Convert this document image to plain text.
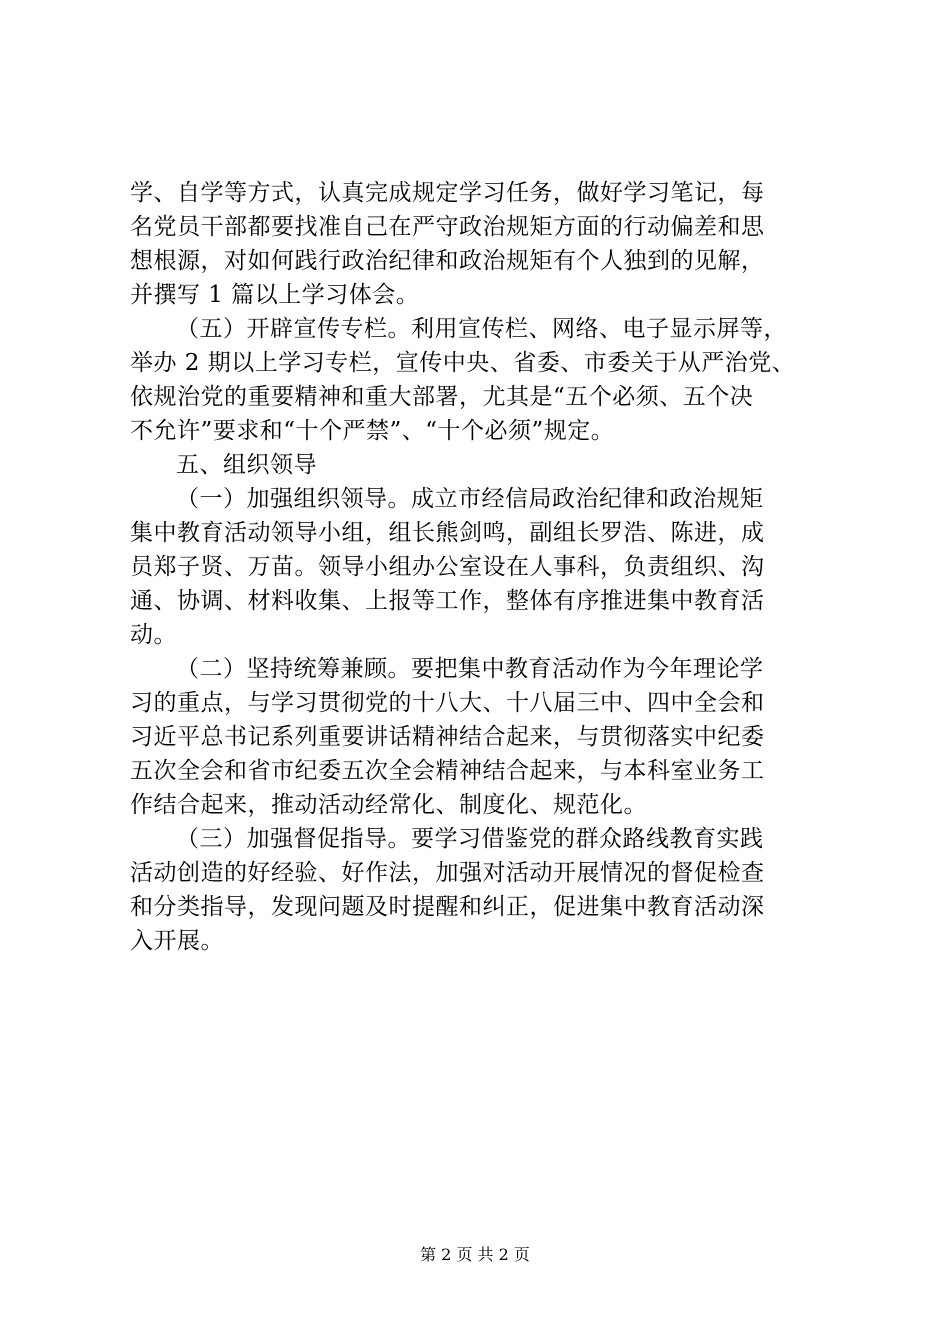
学、自学等方式，认真完成规定学习任务，做好学习笔记，每
名党员干部都要找准自己在严守政治规矩方面的行动偏差和思
想根源，对如何践行政治纪律和政治规矩有个人独到的见解，
并撰写 1 篇以上学习体会。
（五）开辟宣传专栏。利用宣传栏、网络、电子显示屏等，
举办 2 期以上学习专栏，宣传中央、省委、市委关于从严治党、
依规治党的重要精神和重大部署，尤其是“五个必须、五个决
不允许”要求和“十个严禁”、“十个必须”规定。
五、组织领导
（一）加强组织领导。成立市经信局政治纪律和政治规矩
集中教育活动领导小组，组长熊剑鸣，副组长罗浩、陈进，成
员郑子贤、万苗。领导小组办公室设在人事科，负责组织、沟
通、协调、材料收集、上报等工作，整体有序推进集中教育活
动。
（二）坚持统筹兼顾。要把集中教育活动作为今年理论学
习的重点，与学习贯彻党的十八大、十八届三中、四中全会和
习近平总书记系列重要讲话精神结合起来，与贯彻落实中纪委
五次全会和省市纪委五次全会精神结合起来，与本科室业务工
作结合起来，推动活动经常化、制度化、规范化。
（三）加强督促指导。要学习借鉴党的群众路线教育实践
活动创造的好经验、好作法，加强对活动开展情况的督促检查
和分类指导，发现问题及时提醒和纠正，促进集中教育活动深
入开展。
第 2 页 共 2 页
